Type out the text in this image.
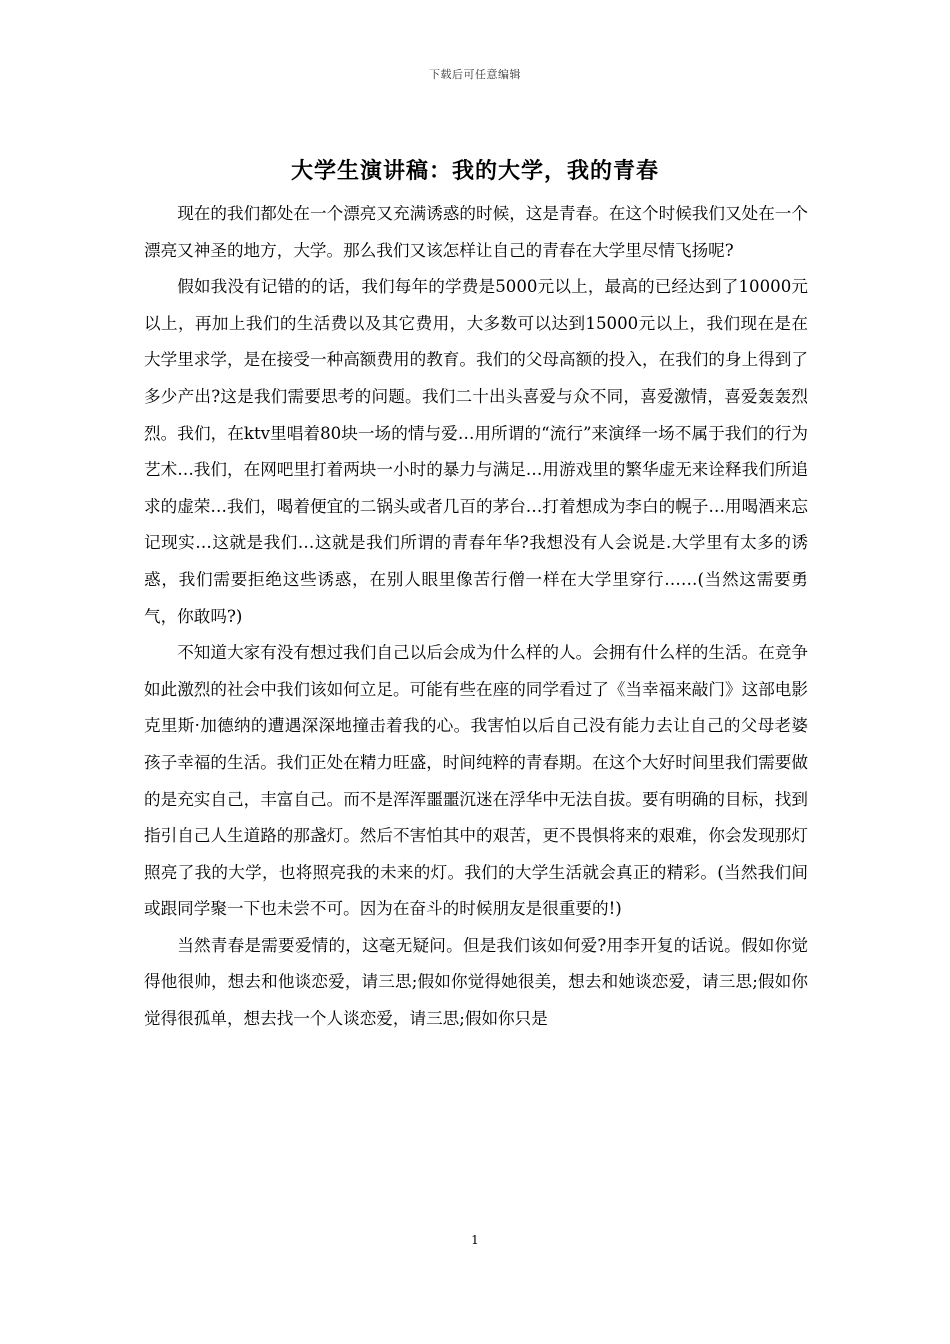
下载后可任意编辑
大学生演讲稿：我的大学，我的青春

现在的我们都处在一个漂亮又充满诱惑的时候，这是青春。在这个时候我们又处在一个漂亮又神圣的地方，大学。那么我们又该怎样让自己的青春在大学里尽情飞扬呢?

假如我没有记错的的话，我们每年的学费是5000元以上，最高的已经达到了10000元以上，再加上我们的生活费以及其它费用，大多数可以达到15000元以上，我们现在是在大学里求学，是在接受一种高额费用的教育。我们的父母高额的投入，在我们的身上得到了多少产出?这是我们需要思考的问题。我们二十出头喜爱与众不同，喜爱激情，喜爱轰轰烈烈。我们，在ktv里唱着80块一场的情与爱…用所谓的“流行”来演绎一场不属于我们的行为艺术…我们，在网吧里打着两块一小时的暴力与满足…用游戏里的繁华虚无来诠释我们所追求的虚荣…我们，喝着便宜的二锅头或者几百的茅台…打着想成为李白的幌子…用喝酒来忘记现实…这就是我们…这就是我们所谓的青春年华?我想没有人会说是.大学里有太多的诱惑，我们需要拒绝这些诱惑，在别人眼里像苦行僧一样在大学里穿行……(当然这需要勇气，你敢吗?)

不知道大家有没有想过我们自己以后会成为什么样的人。会拥有什么样的生活。在竞争如此激烈的社会中我们该如何立足。可能有些在座的同学看过了《当幸福来敲门》这部电影克里斯·加德纳的遭遇深深地撞击着我的心。我害怕以后自己没有能力去让自己的父母老婆孩子幸福的生活。我们正处在精力旺盛，时间纯粹的青春期。在这个大好时间里我们需要做的是充实自己，丰富自己。而不是浑浑噩噩沉迷在浮华中无法自拔。要有明确的目标，找到指引自己人生道路的那盏灯。然后不害怕其中的艰苦，更不畏惧将来的艰难，你会发现那灯照亮了我的大学，也将照亮我的未来的灯。我们的大学生活就会真正的精彩。(当然我们间或跟同学聚一下也未尝不可。因为在奋斗的时候朋友是很重要的!)

当然青春是需要爱情的，这毫无疑问。但是我们该如何爱?用李开复的话说。假如你觉得他很帅，想去和他谈恋爱，请三思;假如你觉得她很美，想去和她谈恋爱，请三思;假如你觉得很孤单，想去找一个人谈恋爱，请三思;假如你只是

1
